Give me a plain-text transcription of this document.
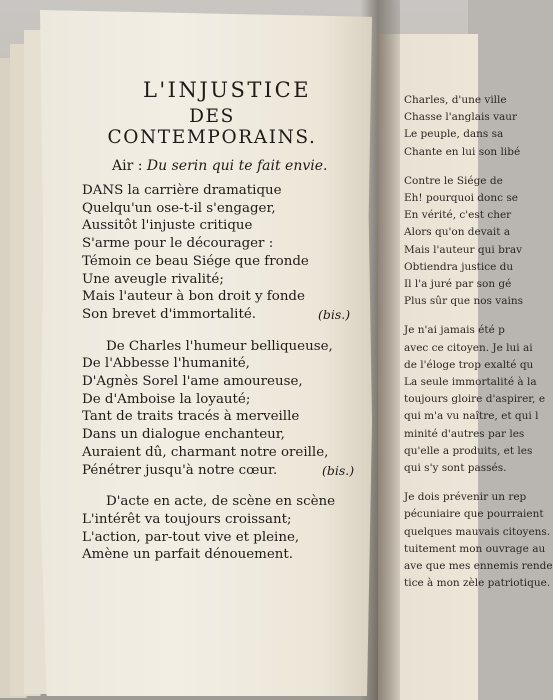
Charles, d'une ville
Chasse l'anglais vaur
Le peuple, dans sa
Chante en lui son libé
Contre le Siége de
Eh! pourquoi donc se
En vérité, c'est cher
Alors qu'on devait a
Mais l'auteur qui brav
Obtiendra justice du
Il l'a juré par son gé
Plus sûr que nos vains
Je n'ai jamais été p
avec ce citoyen. Je lui ai
de l'éloge trop exalté qu
La seule immortalité à la
toujours gloire d'aspirer, e
qui m'a vu naître, et qui l
minité d'autres par les
qu'elle a produits, et les
qui s'y sont passés.
Je dois prévenir un rep
pécuniaire que pourraient
quelques mauvais citoyens.
tuitement mon ouvrage au
ave que mes ennemis rende
tice à mon zèle patriotique.
L'INJUSTICE
DES CONTEMPORAINS.
Air : Du serin qui te fait envie.
DANS la carrière dramatique
Quelqu'un ose-t-il s'engager,
Aussitôt l'injuste critique
S'arme pour le décourager :
Témoin ce beau Siége que fronde
Une aveugle rivalité;
Mais l'auteur à bon droit y fonde
Son brevet d'immortalité.	(bis.)
De Charles l'humeur belliqueuse,
De l'Abbesse l'humanité,
D'Agnès Sorel l'ame amoureuse,
De d'Amboise la loyauté;
Tant de traits tracés à merveille
Dans un dialogue enchanteur,
Auraient dû, charmant notre oreille,
Pénétrer jusqu'à notre cœur.	(bis.)
D'acte en acte, de scène en scène
L'intérêt va toujours croissant;
L'action, par-tout vive et pleine,
Amène un parfait dénouement.
